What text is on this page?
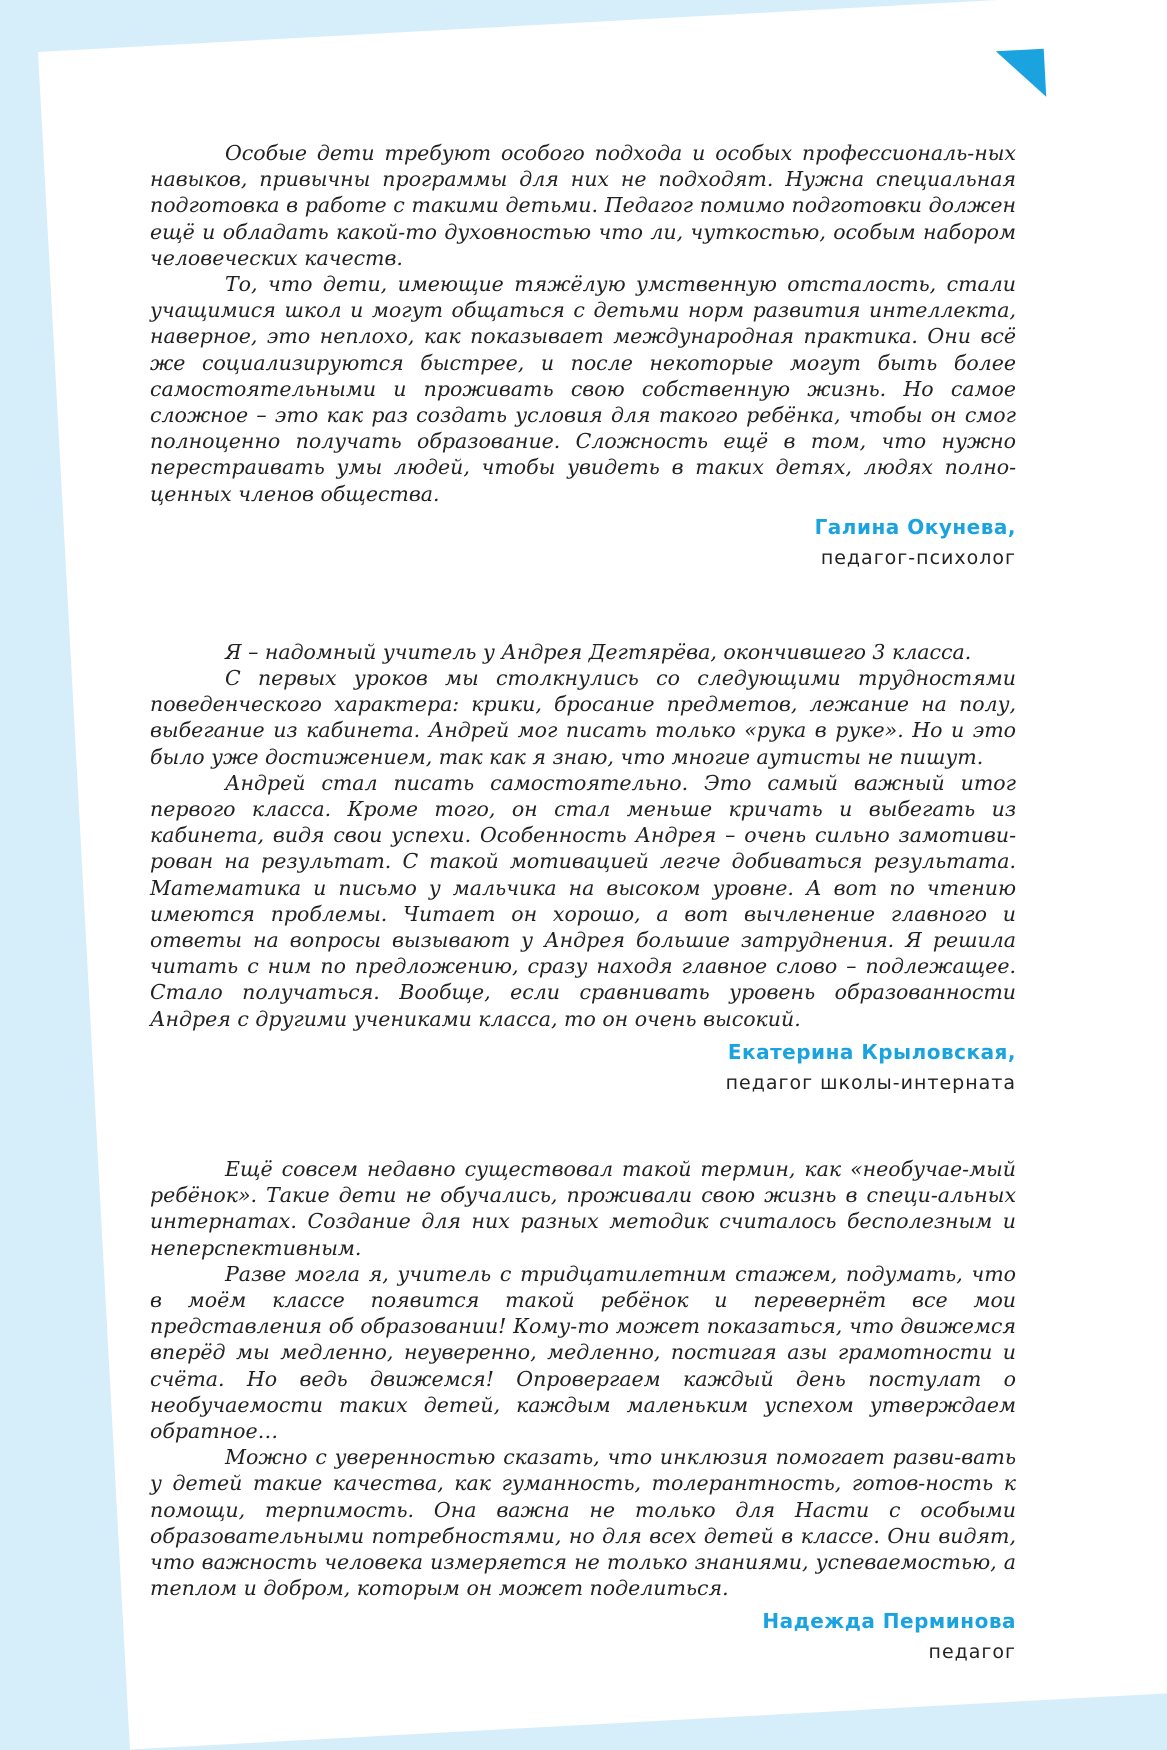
Особые дети требуют особого подхода и особых профессиональ-ных навыков, привычны программы для них не подходят. Нужна специальная подготовка в работе с такими детьми. Педагог помимо подготовки должен ещё и обладать какой-то духовностью что ли, чуткостью, особым набором человеческих качеств.

То, что дети, имеющие тяжёлую умственную отсталость, стали учащимися школ и могут общаться с детьми норм развития интеллекта, наверное, это неплохо, как показывает международная практика. Они всё же социализируются быстрее, и после некоторые могут быть более самостоятельными и проживать свою собственную жизнь. Но самое сложное – это как раз создать условия для такого ребёнка, чтобы он смог полноценно получать образование. Сложность ещё в том, что нужно перестраивать умы людей, чтобы увидеть в таких детях, людях полно-ценных членов общества.

Галина Окунева,
педагог-психолог

Я – надомный учитель у Андрея Дегтярёва, окончившего 3 класса.

С первых уроков мы столкнулись со следующими трудностями поведенческого характера: крики, бросание предметов, лежание на полу, выбегание из кабинета. Андрей мог писать только «рука в руке». Но и это было уже достижением, так как я знаю, что многие аутисты не пишут.

Андрей стал писать самостоятельно. Это самый важный итог первого класса. Кроме того, он стал меньше кричать и выбегать из кабинета, видя свои успехи. Особенность Андрея – очень сильно замотиви-рован на результат. С такой мотивацией легче добиваться результата. Математика и письмо у мальчика на высоком уровне. А вот по чтению имеются проблемы. Читает он хорошо, а вот вычленение главного и ответы на вопросы вызывают у Андрея большие затруднения. Я решила читать с ним по предложению, сразу находя главное слово – подлежащее. Стало получаться. Вообще, если сравнивать уровень образованности Андрея с другими учениками класса, то он очень высокий.

Екатерина Крыловская,
педагог школы-интерната

Ещё совсем недавно существовал такой термин, как «необучае-мый ребёнок». Такие дети не обучались, проживали свою жизнь в специ-альных интернатах. Создание для них разных методик считалось бесполезным и неперспективным.

Разве могла я, учитель с тридцатилетним стажем, подумать, что в моём классе появится такой ребёнок и перевернёт все мои представления об образовании! Кому-то может показаться, что движемся вперёд мы медленно, неуверенно, медленно, постигая азы грамотности и счёта. Но ведь движемся! Опровергаем каждый день постулат о необучаемости таких детей, каждым маленьким успехом утверждаем обратное…

Можно с уверенностью сказать, что инклюзия помогает разви-вать у детей такие качества, как гуманность, толерантность, готов-ность к помощи, терпимость. Она важна не только для Насти с особыми образовательными потребностями, но для всех детей в классе. Они видят, что важность человека измеряется не только знаниями, успеваемостью, а теплом и добром, которым он может поделиться.

Надежда Перминова
педагог
